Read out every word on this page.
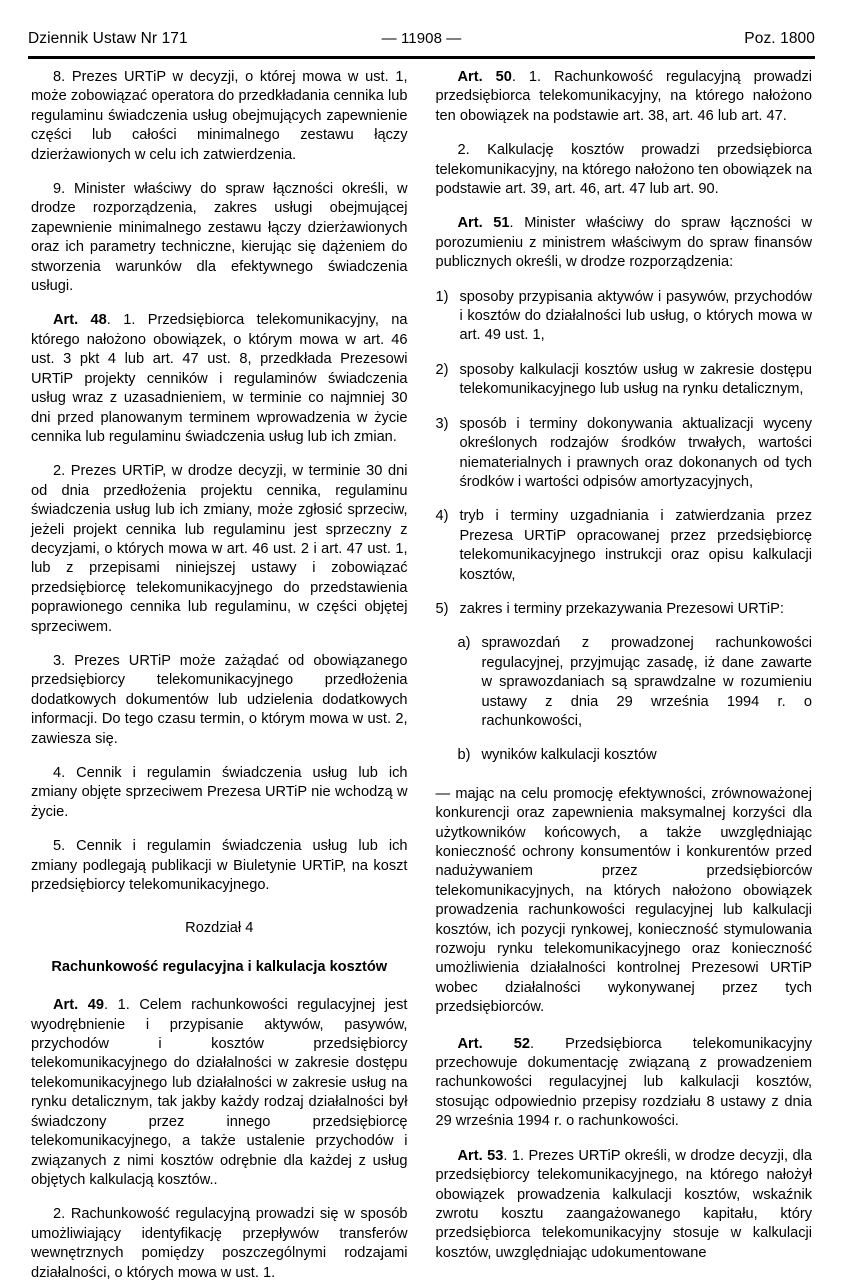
Dziennik Ustaw Nr 171	— 11908 —	Poz. 1800

8. Prezes URTiP w decyzji, o której mowa w ust. 1, może zobowiązać operatora do przedkładania cennika lub regulaminu świadczenia usług obejmujących zapewnienie części lub całości minimalnego zestawu łączy dzierżawionych w celu ich zatwierdzenia.

9. Minister właściwy do spraw łączności określi, w drodze rozporządzenia, zakres usługi obejmującej zapewnienie minimalnego zestawu łączy dzierżawionych oraz ich parametry techniczne, kierując się dążeniem do stworzenia warunków dla efektywnego świadczenia usługi.

Art. 48. 1. Przedsiębiorca telekomunikacyjny, na którego nałożono obowiązek, o którym mowa w art. 46 ust. 3 pkt 4 lub art. 47 ust. 8, przedkłada Prezesowi URTiP projekty cenników i regulaminów świadczenia usług wraz z uzasadnieniem, w terminie co najmniej 30 dni przed planowanym terminem wprowadzenia w życie cennika lub regulaminu świadczenia usług lub ich zmian.

2. Prezes URTiP, w drodze decyzji, w terminie 30 dni od dnia przedłożenia projektu cennika, regulaminu świadczenia usług lub ich zmiany, może zgłosić sprzeciw, jeżeli projekt cennika lub regulaminu jest sprzeczny z decyzjami, o których mowa w art. 46 ust. 2 i art. 47 ust. 1, lub z przepisami niniejszej ustawy i zobowiązać przedsiębiorcę telekomunikacyjnego do przedstawienia poprawionego cennika lub regulaminu, w części objętej sprzeciwem.

3. Prezes URTiP może zażądać od obowiązanego przedsiębiorcy telekomunikacyjnego przedłożenia dodatkowych dokumentów lub udzielenia dodatkowych informacji. Do tego czasu termin, o którym mowa w ust. 2, zawiesza się.

4. Cennik i regulamin świadczenia usług lub ich zmiany objęte sprzeciwem Prezesa URTiP nie wchodzą w życie.

5. Cennik i regulamin świadczenia usług lub ich zmiany podlegają publikacji w Biuletynie URTiP, na koszt przedsiębiorcy telekomunikacyjnego.

Rozdział 4

Rachunkowość regulacyjna i kalkulacja kosztów

Art. 49. 1. Celem rachunkowości regulacyjnej jest wyodrębnienie i przypisanie aktywów, pasywów, przychodów i kosztów przedsiębiorcy telekomunikacyjnego do działalności w zakresie dostępu telekomunikacyjnego lub działalności w zakresie usług na rynku detalicznym, tak jakby każdy rodzaj działalności był świadczony przez innego przedsiębiorcę telekomunikacyjnego, a także ustalenie przychodów i związanych z nimi kosztów odrębnie dla każdej z usług objętych kalkulacją kosztów..

2. Rachunkowość regulacyjną prowadzi się w sposób umożliwiający identyfikację przepływów transferów wewnętrznych pomiędzy poszczególnymi rodzajami działalności, o których mowa w ust. 1.

Art. 50. 1. Rachunkowość regulacyjną prowadzi przedsiębiorca telekomunikacyjny, na którego nałożono ten obowiązek na podstawie art. 38, art. 46 lub art. 47.

2. Kalkulację kosztów prowadzi przedsiębiorca telekomunikacyjny, na którego nałożono ten obowiązek na podstawie art. 39, art. 46, art. 47 lub art. 90.

Art. 51. Minister właściwy do spraw łączności w porozumieniu z ministrem właściwym do spraw finansów publicznych określi, w drodze rozporządzenia:

1) sposoby przypisania aktywów i pasywów, przychodów i kosztów do działalności lub usług, o których mowa w art. 49 ust. 1,
2) sposoby kalkulacji kosztów usług w zakresie dostępu telekomunikacyjnego lub usług na rynku detalicznym,
3) sposób i terminy dokonywania aktualizacji wyceny określonych rodzajów środków trwałych, wartości niematerialnych i prawnych oraz dokonanych od tych środków i wartości odpisów amortyzacyjnych,
4) tryb i terminy uzgadniania i zatwierdzania przez Prezesa URTiP opracowanej przez przedsiębiorcę telekomunikacyjnego instrukcji oraz opisu kalkulacji kosztów,
5) zakres i terminy przekazywania Prezesowi URTiP:
a) sprawozdań z prowadzonej rachunkowości regulacyjnej, przyjmując zasadę, iż dane zawarte w sprawozdaniach są sprawdzalne w rozumieniu ustawy z dnia 29 września 1994 r. o rachunkowości,
b) wyników kalkulacji kosztów

— mając na celu promocję efektywności, zrównoważonej konkurencji oraz zapewnienia maksymalnej korzyści dla użytkowników końcowych, a także uwzględniając konieczność ochrony konsumentów i konkurentów przed nadużywaniem przez przedsiębiorców telekomunikacyjnych, na których nałożono obowiązek prowadzenia rachunkowości regulacyjnej lub kalkulacji kosztów, ich pozycji rynkowej, konieczność stymulowania rozwoju rynku telekomunikacyjnego oraz konieczność umożliwienia działalności kontrolnej Prezesowi URTiP wobec działalności wykonywanej przez tych przedsiębiorców.

Art. 52. Przedsiębiorca telekomunikacyjny przechowuje dokumentację związaną z prowadzeniem rachunkowości regulacyjnej lub kalkulacji kosztów, stosując odpowiednio przepisy rozdziału 8 ustawy z dnia 29 września 1994 r. o rachunkowości.

Art. 53. 1. Prezes URTiP określi, w drodze decyzji, dla przedsiębiorcy telekomunikacyjnego, na którego nałożył obowiązek prowadzenia kalkulacji kosztów, wskaźnik zwrotu kosztu zaangażowanego kapitału, który przedsiębiorca telekomunikacyjny stosuje w kalkulacji kosztów, uwzględniając udokumentowane
